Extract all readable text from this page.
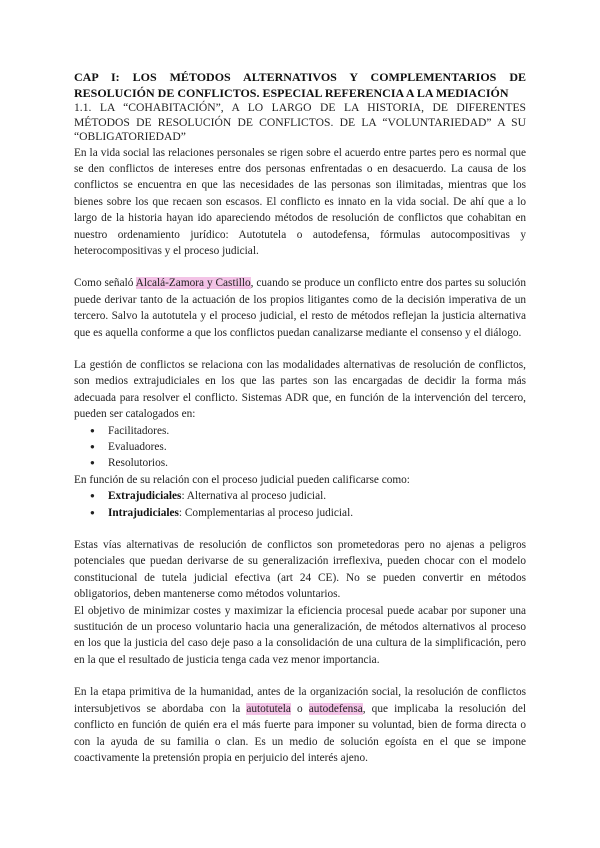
CAP I: LOS MÉTODOS ALTERNATIVOS Y COMPLEMENTARIOS DE RESOLUCIÓN DE CONFLICTOS. ESPECIAL REFERENCIA A LA MEDIACIÓN

1.1. LA “COHABITACIÓN”, A LO LARGO DE LA HISTORIA, DE DIFERENTES MÉTODOS DE RESOLUCIÓN DE CONFLICTOS. DE LA “VOLUNTARIEDAD” A SU “OBLIGATORIEDAD”

En la vida social las relaciones personales se rigen sobre el acuerdo entre partes pero es normal que se den conflictos de intereses entre dos personas enfrentadas o en desacuerdo. La causa de los conflictos se encuentra en que las necesidades de las personas son ilimitadas, mientras que los bienes sobre los que recaen son escasos. El conflicto es innato en la vida social. De ahí que a lo largo de la historia hayan ido apareciendo métodos de resolución de conflictos que cohabitan en nuestro ordenamiento jurídico: Autotutela o autodefensa, fórmulas autocompositivas y heterocompositivas y el proceso judicial.

Como señaló Alcalá-Zamora y Castillo, cuando se produce un conflicto entre dos partes su solución puede derivar tanto de la actuación de los propios litigantes como de la decisión imperativa de un tercero. Salvo la autotutela y el proceso judicial, el resto de métodos reflejan la justicia alternativa que es aquella conforme a que los conflictos puedan canalizarse mediante el consenso y el diálogo.

La gestión de conflictos se relaciona con las modalidades alternativas de resolución de conflictos, son medios extrajudiciales en los que las partes son las encargadas de decidir la forma más adecuada para resolver el conflicto. Sistemas ADR que, en función de la intervención del tercero, pueden ser catalogados en:

● Facilitadores.
● Evaluadores.
● Resolutorios.

En función de su relación con el proceso judicial pueden calificarse como:

● Extrajudiciales: Alternativa al proceso judicial.
● Intrajudiciales: Complementarias al proceso judicial.

Estas vías alternativas de resolución de conflictos son prometedoras pero no ajenas a peligros potenciales que puedan derivarse de su generalización irreflexiva, pueden chocar con el modelo constitucional de tutela judicial efectiva (art 24 CE). No se pueden convertir en métodos obligatorios, deben mantenerse como métodos voluntarios.

El objetivo de minimizar costes y maximizar la eficiencia procesal puede acabar por suponer una sustitución de un proceso voluntario hacia una generalización, de métodos alternativos al proceso en los que la justicia del caso deje paso a la consolidación de una cultura de la simplificación, pero en la que el resultado de justicia tenga cada vez menor importancia.

En la etapa primitiva de la humanidad, antes de la organización social, la resolución de conflictos intersubjetivos se abordaba con la autotutela o autodefensa, que implicaba la resolución del conflicto en función de quién era el más fuerte para imponer su voluntad, bien de forma directa o con la ayuda de su familia o clan. Es un medio de solución egoísta en el que se impone coactivamente la pretensión propia en perjuicio del interés ajeno.
